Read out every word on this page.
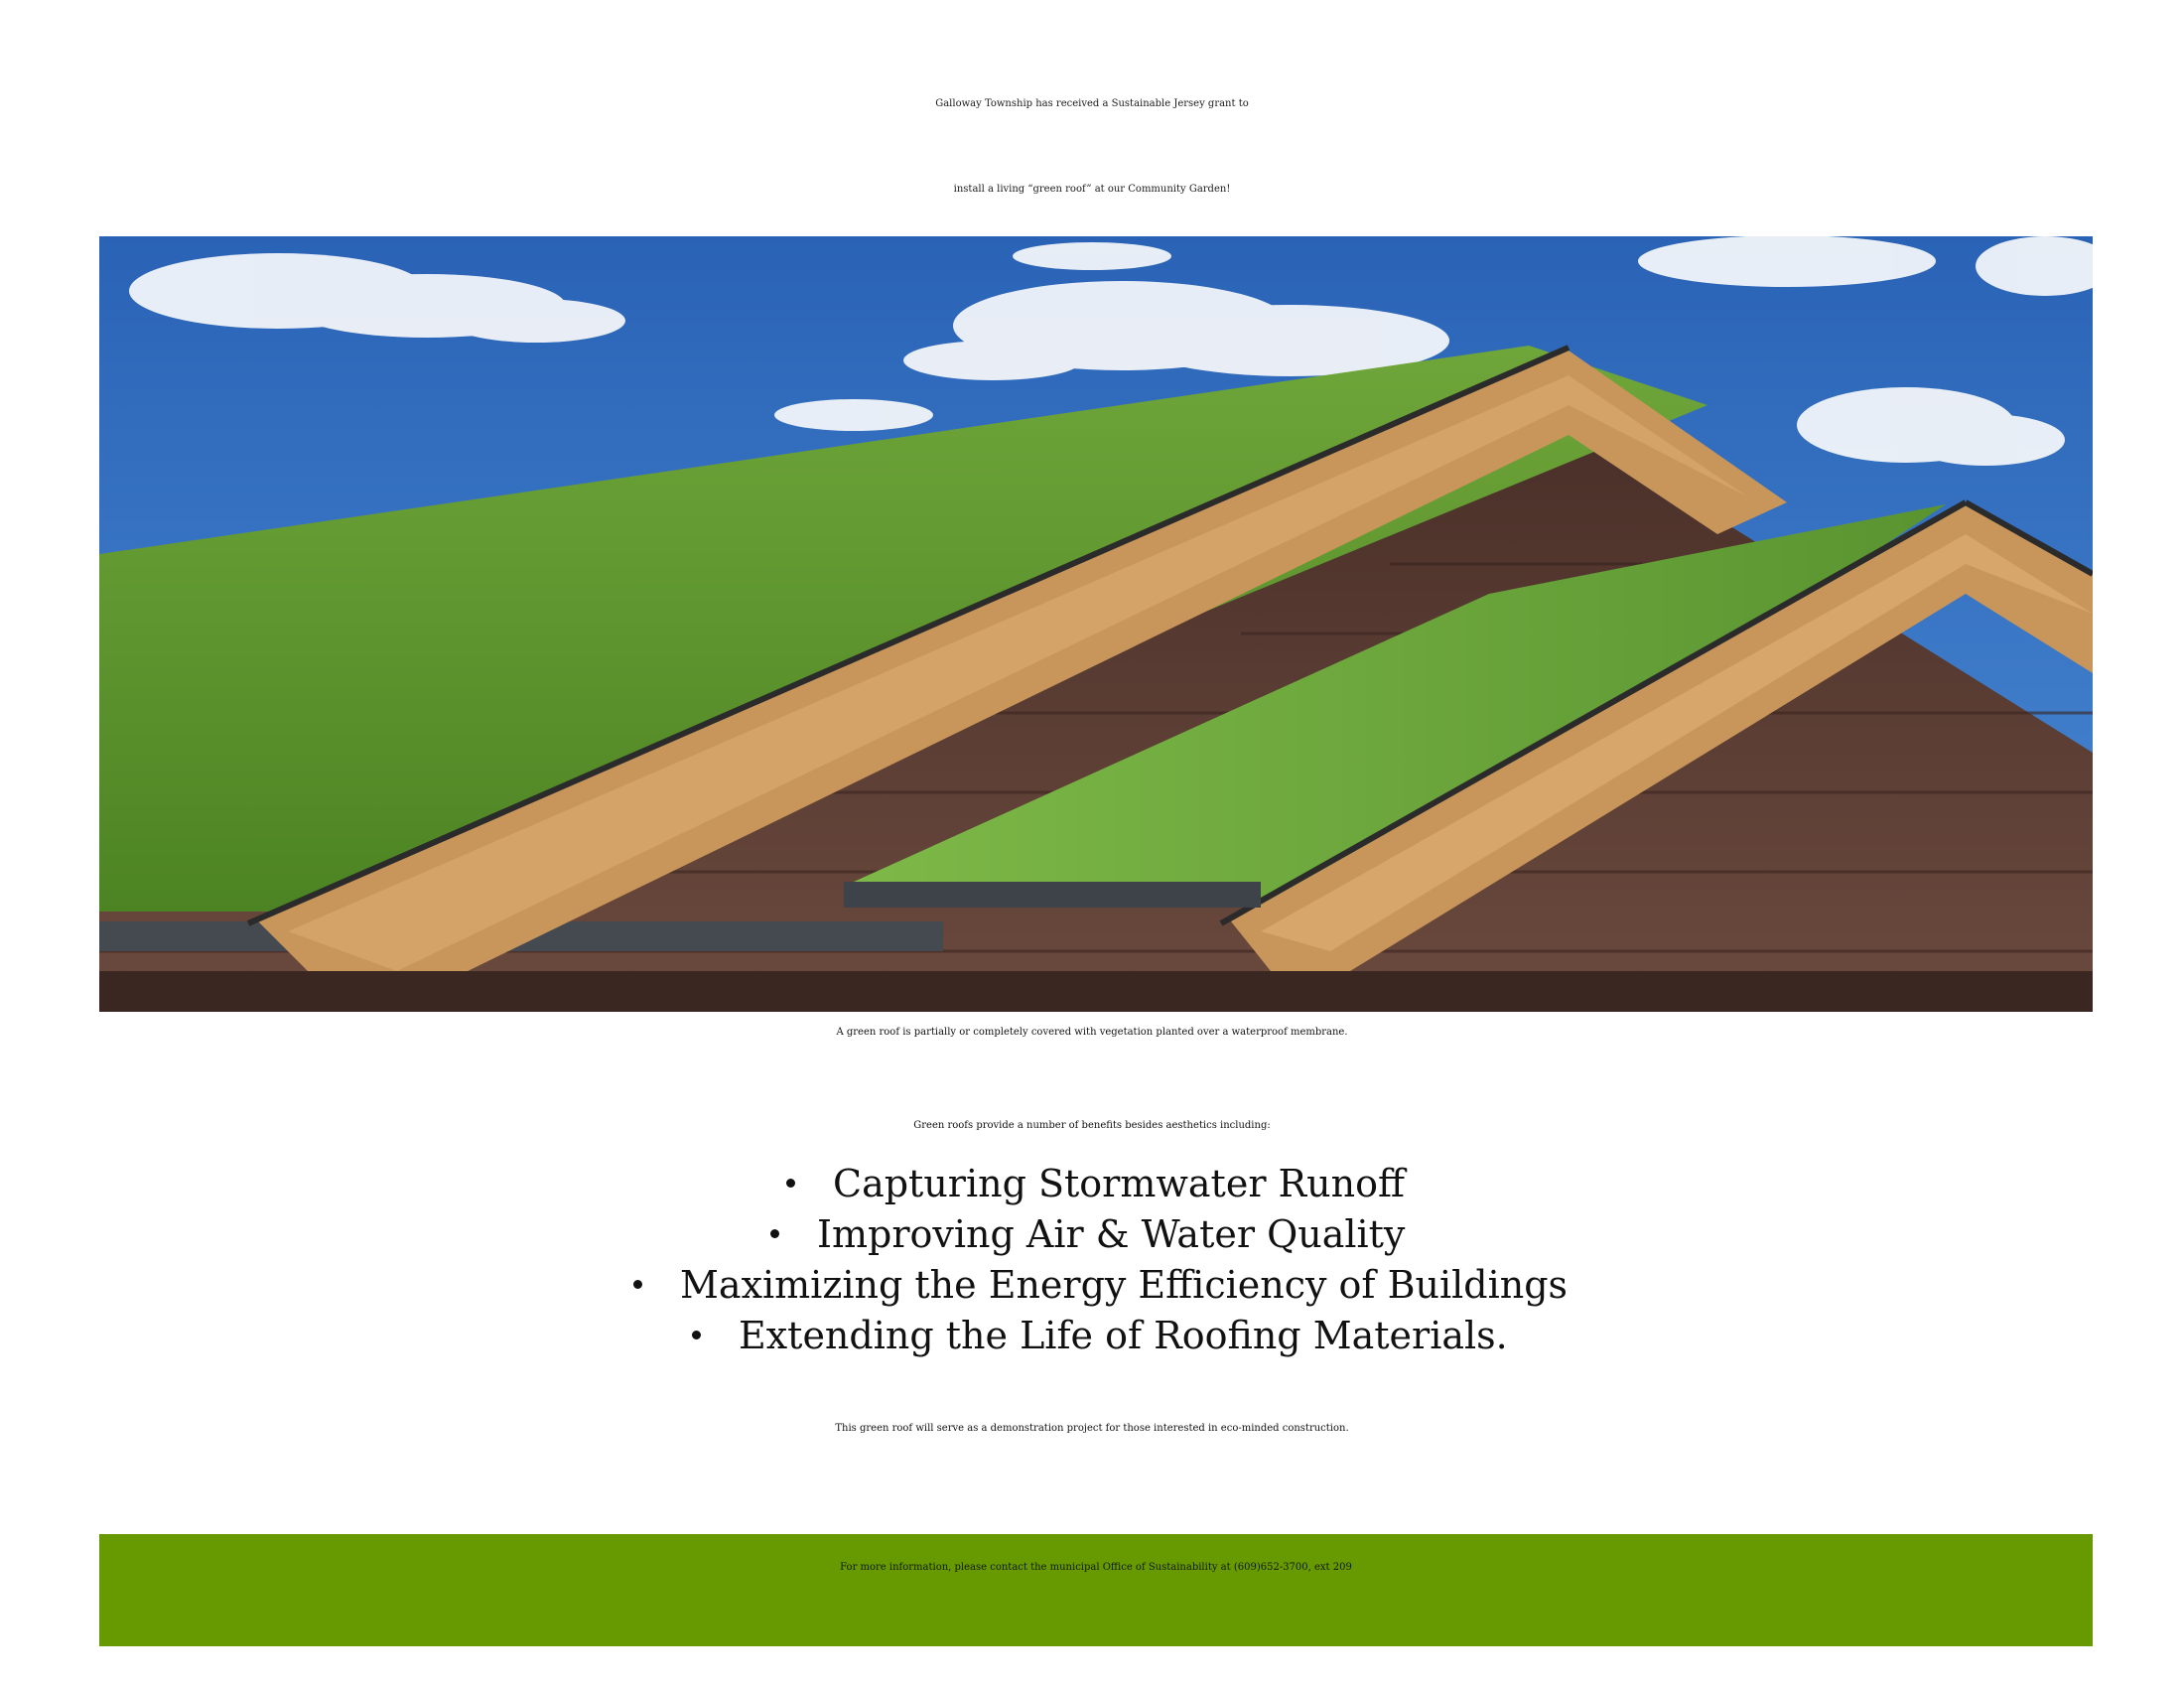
Galloway Township has received a Sustainable Jersey grant to
install a living “green roof” at our Community Garden!
A green roof is partially or completely covered with vegetation planted over a waterproof membrane.
Green roofs provide a number of benefits besides aesthetics including:
Capturing Stormwater Runoff
Improving Air & Water Quality
Maximizing the Energy Efficiency of Buildings
Extending the Life of Roofing Materials.
This green roof will serve as a demonstration project for those interested in eco-minded construction.
For more information, please contact the municipal Office of Sustainability at (609)652-3700, ext 209
